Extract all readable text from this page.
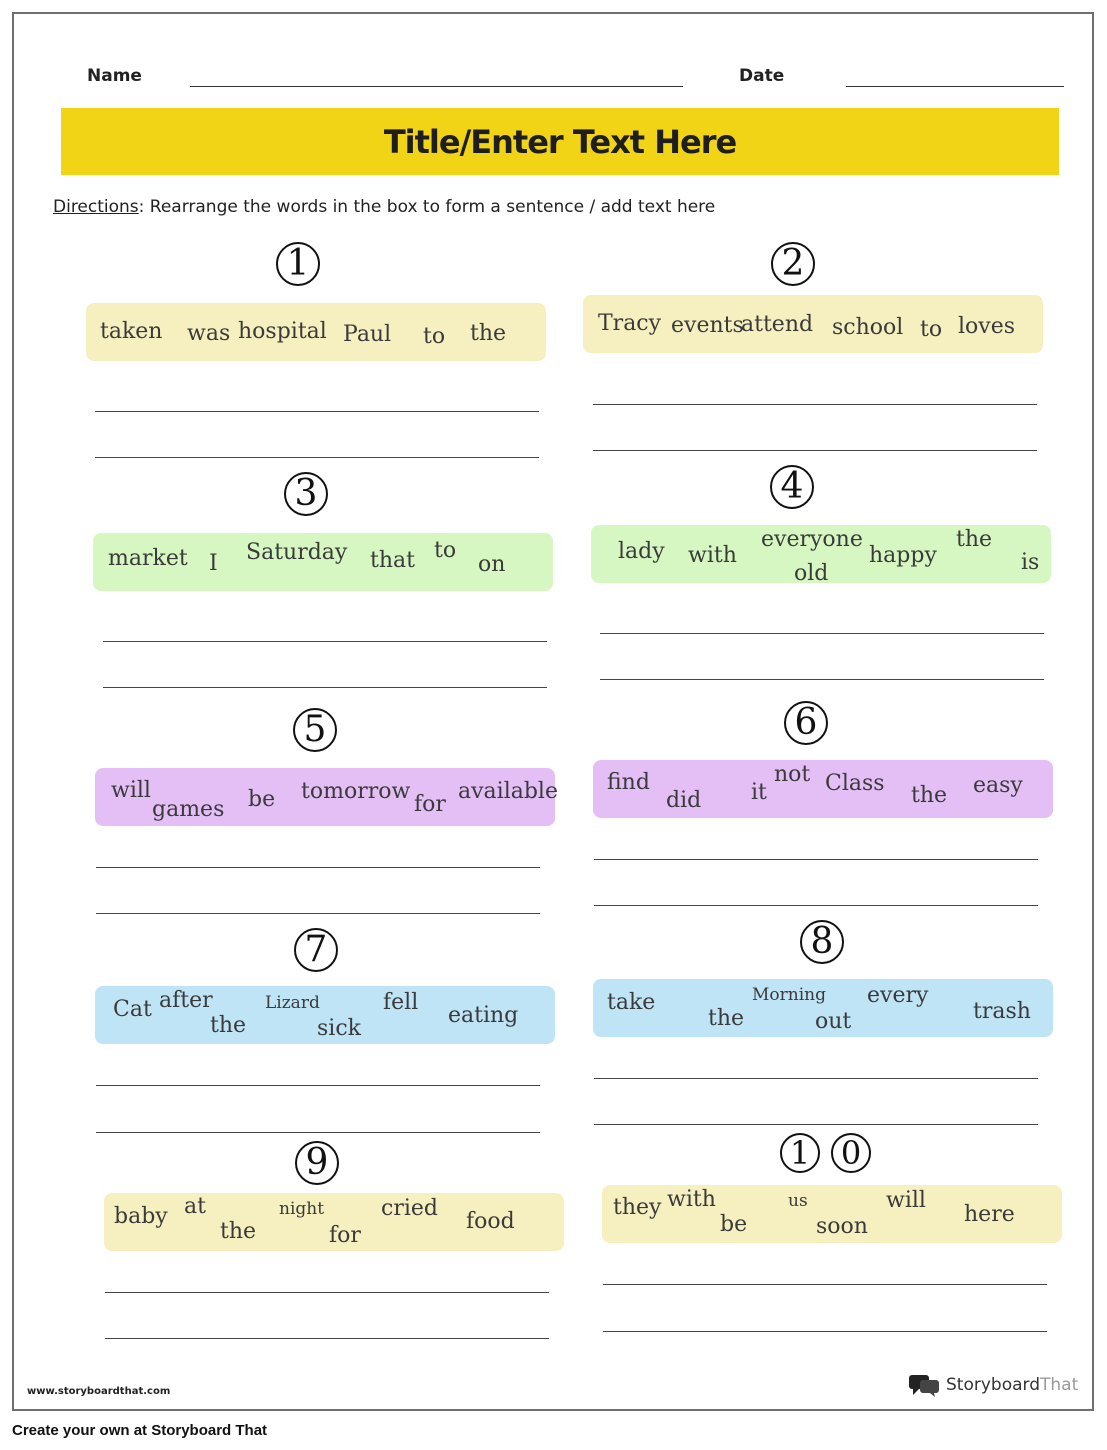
Name	Date
Title/Enter Text Here
Directions: Rearrange the words in the box to form a sentence / add text here
1
taken was hospital Paul to the
2
Tracy events
attend school to loves
3
market I Saturday that to
on
4
lady with
everyone
old
happy
the
is
5
will
games be tomorrow
for
available
6
find
did it
not Class the easy
7
Cat after
the
Lizard
sick
fell
eating
8
take
the
Morning
out
every
trash
9
baby at
the
night
for
cried
food
1 0
they with
be
us
soon
will
here
www.storyboardthat.com	StoryboardThat
Create your own at Storyboard That
